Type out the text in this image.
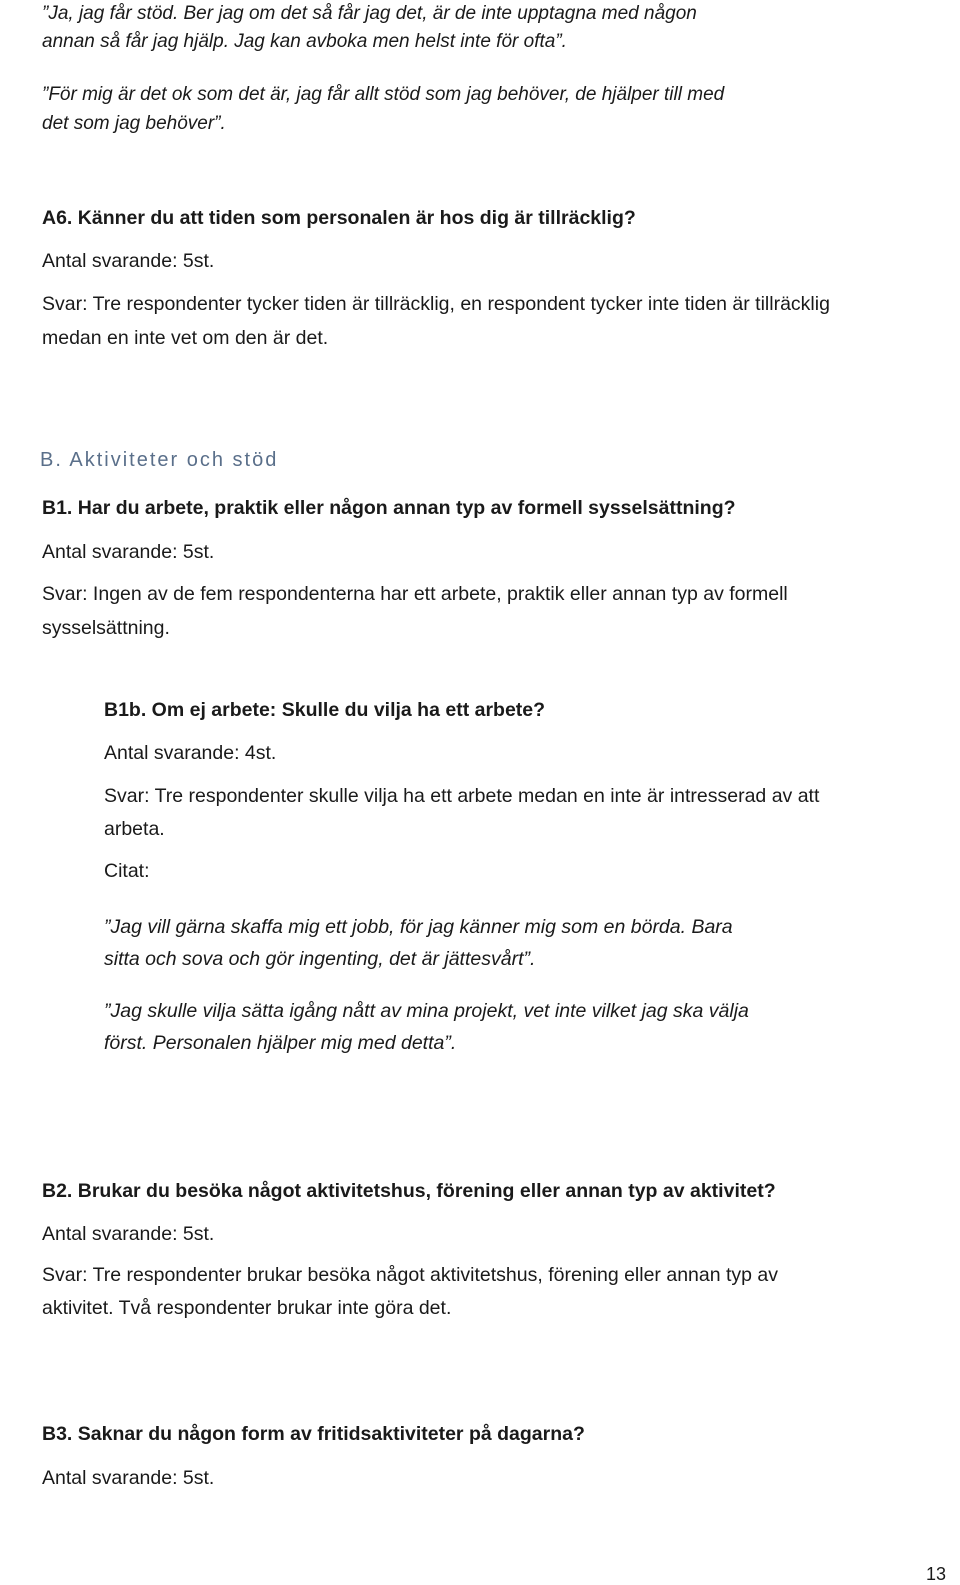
”Ja, jag får stöd. Ber jag om det så får jag det, är de inte upptagna med någon

annan så får jag hjälp. Jag kan avboka men helst inte för ofta”.

”För mig är det ok som det är, jag får allt stöd som jag behöver, de hjälper till med

det som jag behöver”.

A6. Känner du att tiden som personalen är hos dig är tillräcklig?

Antal svarande: 5st.

Svar: Tre respondenter tycker tiden är tillräcklig, en respondent tycker inte tiden är tillräcklig

medan en inte vet om den är det.

B. Aktiviteter och stöd

B1. Har du arbete, praktik eller någon annan typ av formell sysselsättning?

Antal svarande: 5st.

Svar: Ingen av de fem respondenterna har ett arbete, praktik eller annan typ av formell

sysselsättning.

B1b. Om ej arbete: Skulle du vilja ha ett arbete?

Antal svarande: 4st.

Svar: Tre respondenter skulle vilja ha ett arbete medan en inte är intresserad av att

arbeta.

Citat:

”Jag vill gärna skaffa mig ett jobb, för jag känner mig som en börda. Bara

sitta och sova och gör ingenting, det är jättesvårt”.

”Jag skulle vilja sätta igång nått av mina projekt, vet inte vilket jag ska välja

först. Personalen hjälper mig med detta”.

B2. Brukar du besöka något aktivitetshus, förening eller annan typ av aktivitet?

Antal svarande: 5st.

Svar: Tre respondenter brukar besöka något aktivitetshus, förening eller annan typ av

aktivitet. Två respondenter brukar inte göra det.

B3. Saknar du någon form av fritidsaktiviteter på dagarna?

Antal svarande: 5st.

13
